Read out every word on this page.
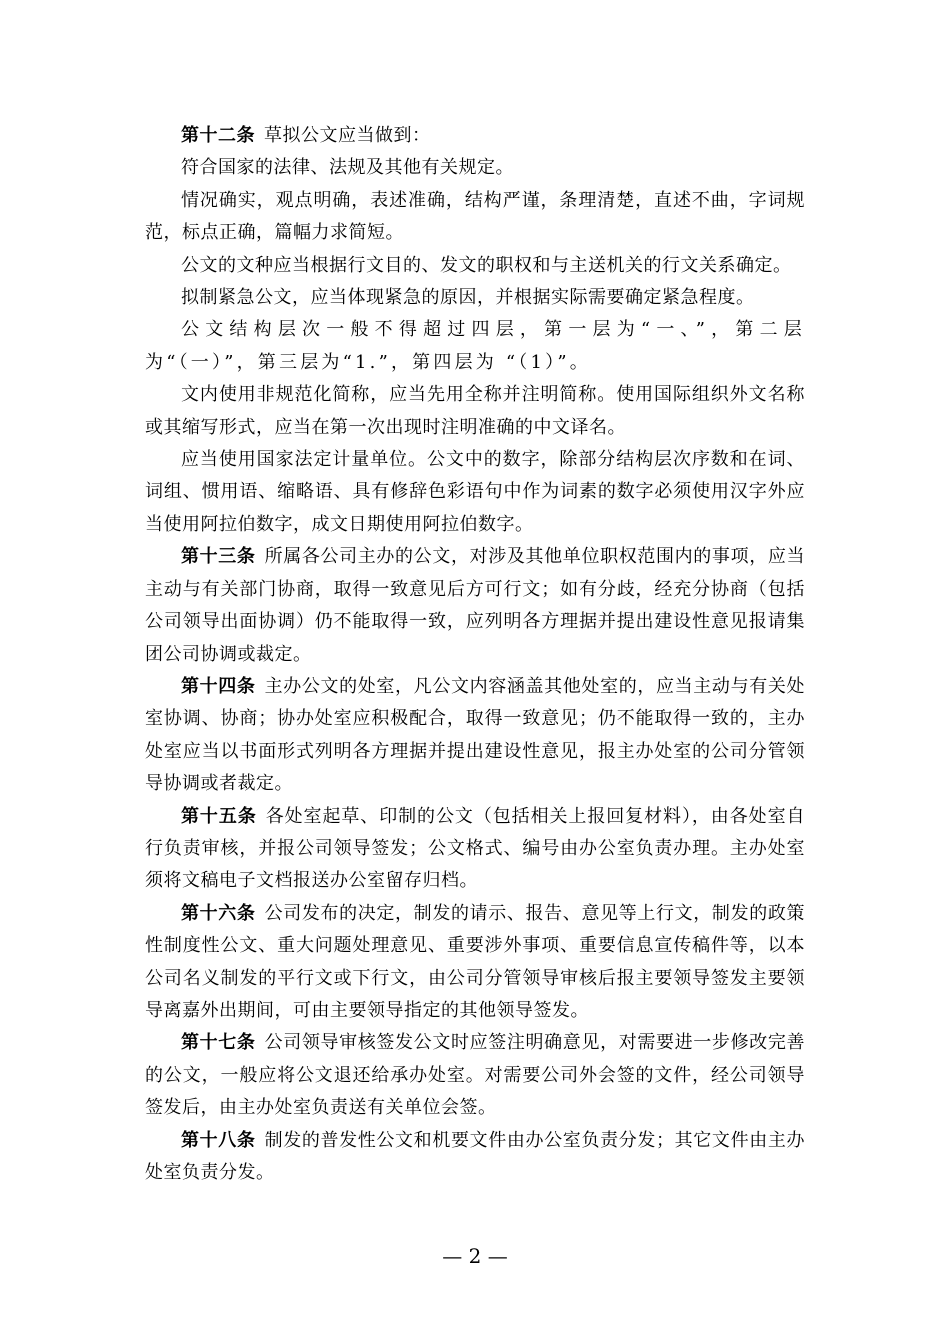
第十二条 草拟公文应当做到：

符合国家的法律、法规及其他有关规定。

情况确实，观点明确，表述准确，结构严谨，条理清楚，直述不曲，字词规范，标点正确，篇幅力求简短。

公文的文种应当根据行文目的、发文的职权和与主送机关的行文关系确定。

拟制紧急公文，应当体现紧急的原因，并根据实际需要确定紧急程度。

公文结构层次一般不得超过四层，第一层为“一、”，第二层为“（一）”，第三层为“1.”，第四层为 “（1）”。

文内使用非规范化简称，应当先用全称并注明简称。使用国际组织外文名称或其缩写形式，应当在第一次出现时注明准确的中文译名。

应当使用国家法定计量单位。公文中的数字，除部分结构层次序数和在词、词组、惯用语、缩略语、具有修辞色彩语句中作为词素的数字必须使用汉字外应当使用阿拉伯数字，成文日期使用阿拉伯数字。

第十三条 所属各公司主办的公文，对涉及其他单位职权范围内的事项，应当主动与有关部门协商，取得一致意见后方可行文；如有分歧，经充分协商（包括公司领导出面协调）仍不能取得一致，应列明各方理据并提出建设性意见报请集团公司协调或裁定。

第十四条 主办公文的处室，凡公文内容涵盖其他处室的，应当主动与有关处室协调、协商；协办处室应积极配合，取得一致意见；仍不能取得一致的，主办处室应当以书面形式列明各方理据并提出建设性意见，报主办处室的公司分管领导协调或者裁定。

第十五条 各处室起草、印制的公文（包括相关上报回复材料），由各处室自行负责审核，并报公司领导签发；公文格式、编号由办公室负责办理。主办处室须将文稿电子文档报送办公室留存归档。

第十六条 公司发布的决定，制发的请示、报告、意见等上行文，制发的政策性制度性公文、重大问题处理意见、重要涉外事项、重要信息宣传稿件等，以本公司名义制发的平行文或下行文，由公司分管领导审核后报主要领导签发主要领导离嘉外出期间，可由主要领导指定的其他领导签发。

第十七条 公司领导审核签发公文时应签注明确意见，对需要进一步修改完善的公文，一般应将公文退还给承办处室。对需要公司外会签的文件，经公司领导签发后，由主办处室负责送有关单位会签。

第十八条 制发的普发性公文和机要文件由办公室负责分发；其它文件由主办处室负责分发。

— 2 —
